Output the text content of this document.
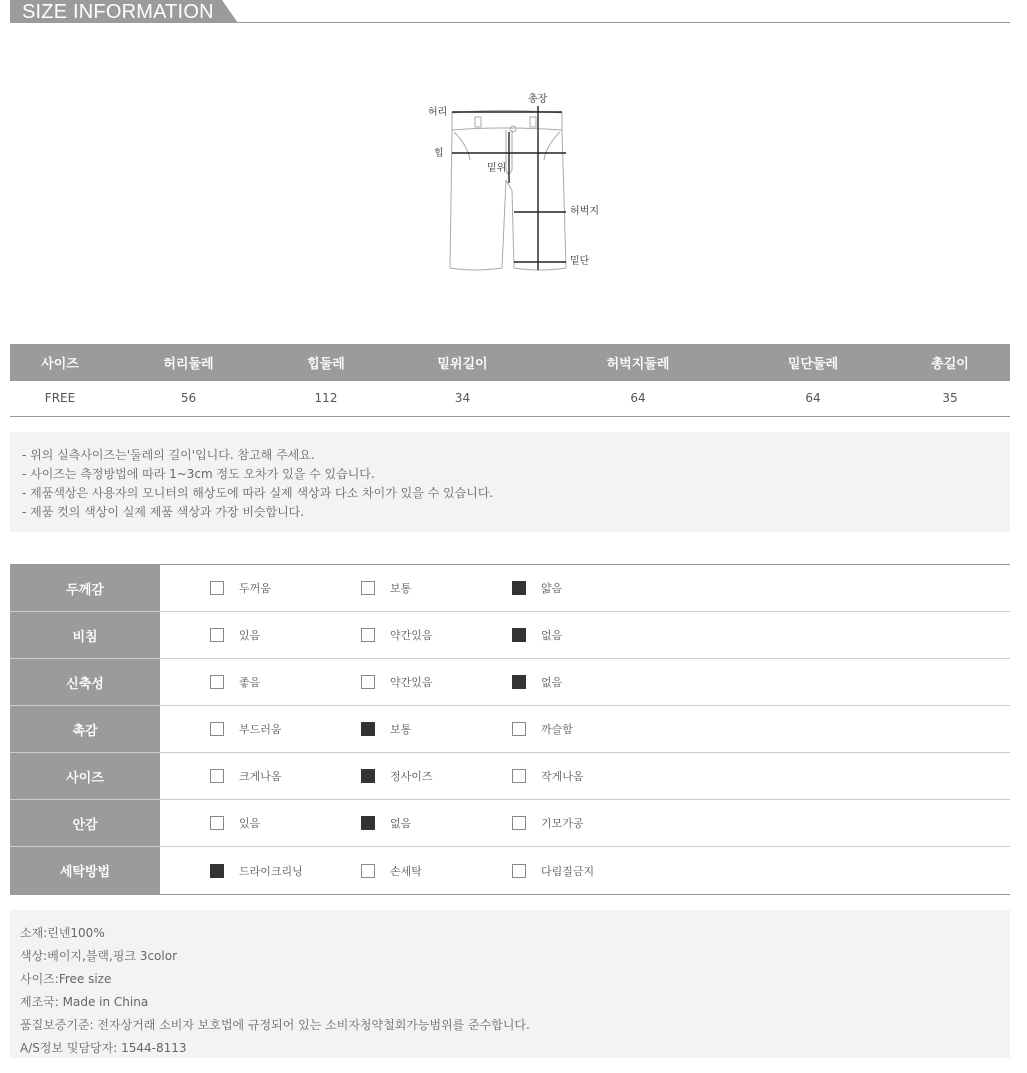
SIZE INFORMATION
허리
총장
힙
밑위
허벅지
밑단
사이즈	허리둘레	힙둘레	밑위길이	허벅지둘레	밑단둘레	총길이
FREE	56	112	34	64	64	35
- 위의 실측사이즈는'둘레의 길이'입니다. 참고해 주세요.
- 사이즈는 측정방법에 따라 1~3cm 정도 오차가 있을 수 있습니다.
- 제품색상은 사용자의 모니터의 해상도에 따라 실제 색상과 다소 차이가 있을 수 있습니다.
- 제품 컷의 색상이 실제 제품 색상과 가장 비슷합니다.
두께감	두꺼움	보통	얇음
비침	있음	약간있음	없음
신축성	좋음	약간있음	없음
촉감	부드러움	보통	까슬함
사이즈	크게나옴	정사이즈	작게나옴
안감	있음	없음	기모가공
세탁방법	드라이크리닝	손세탁	다림질금지
소재:린넨100%
색상:베이지,블랙,핑크 3color
사이즈:Free size
제조국: Made in China
품질보증기준: 전자상거래 소비자 보호법에 규정되어 있는 소비자청약철회가능범위를 준수합니다.
A/S정보 및담당자: 1544-8113
